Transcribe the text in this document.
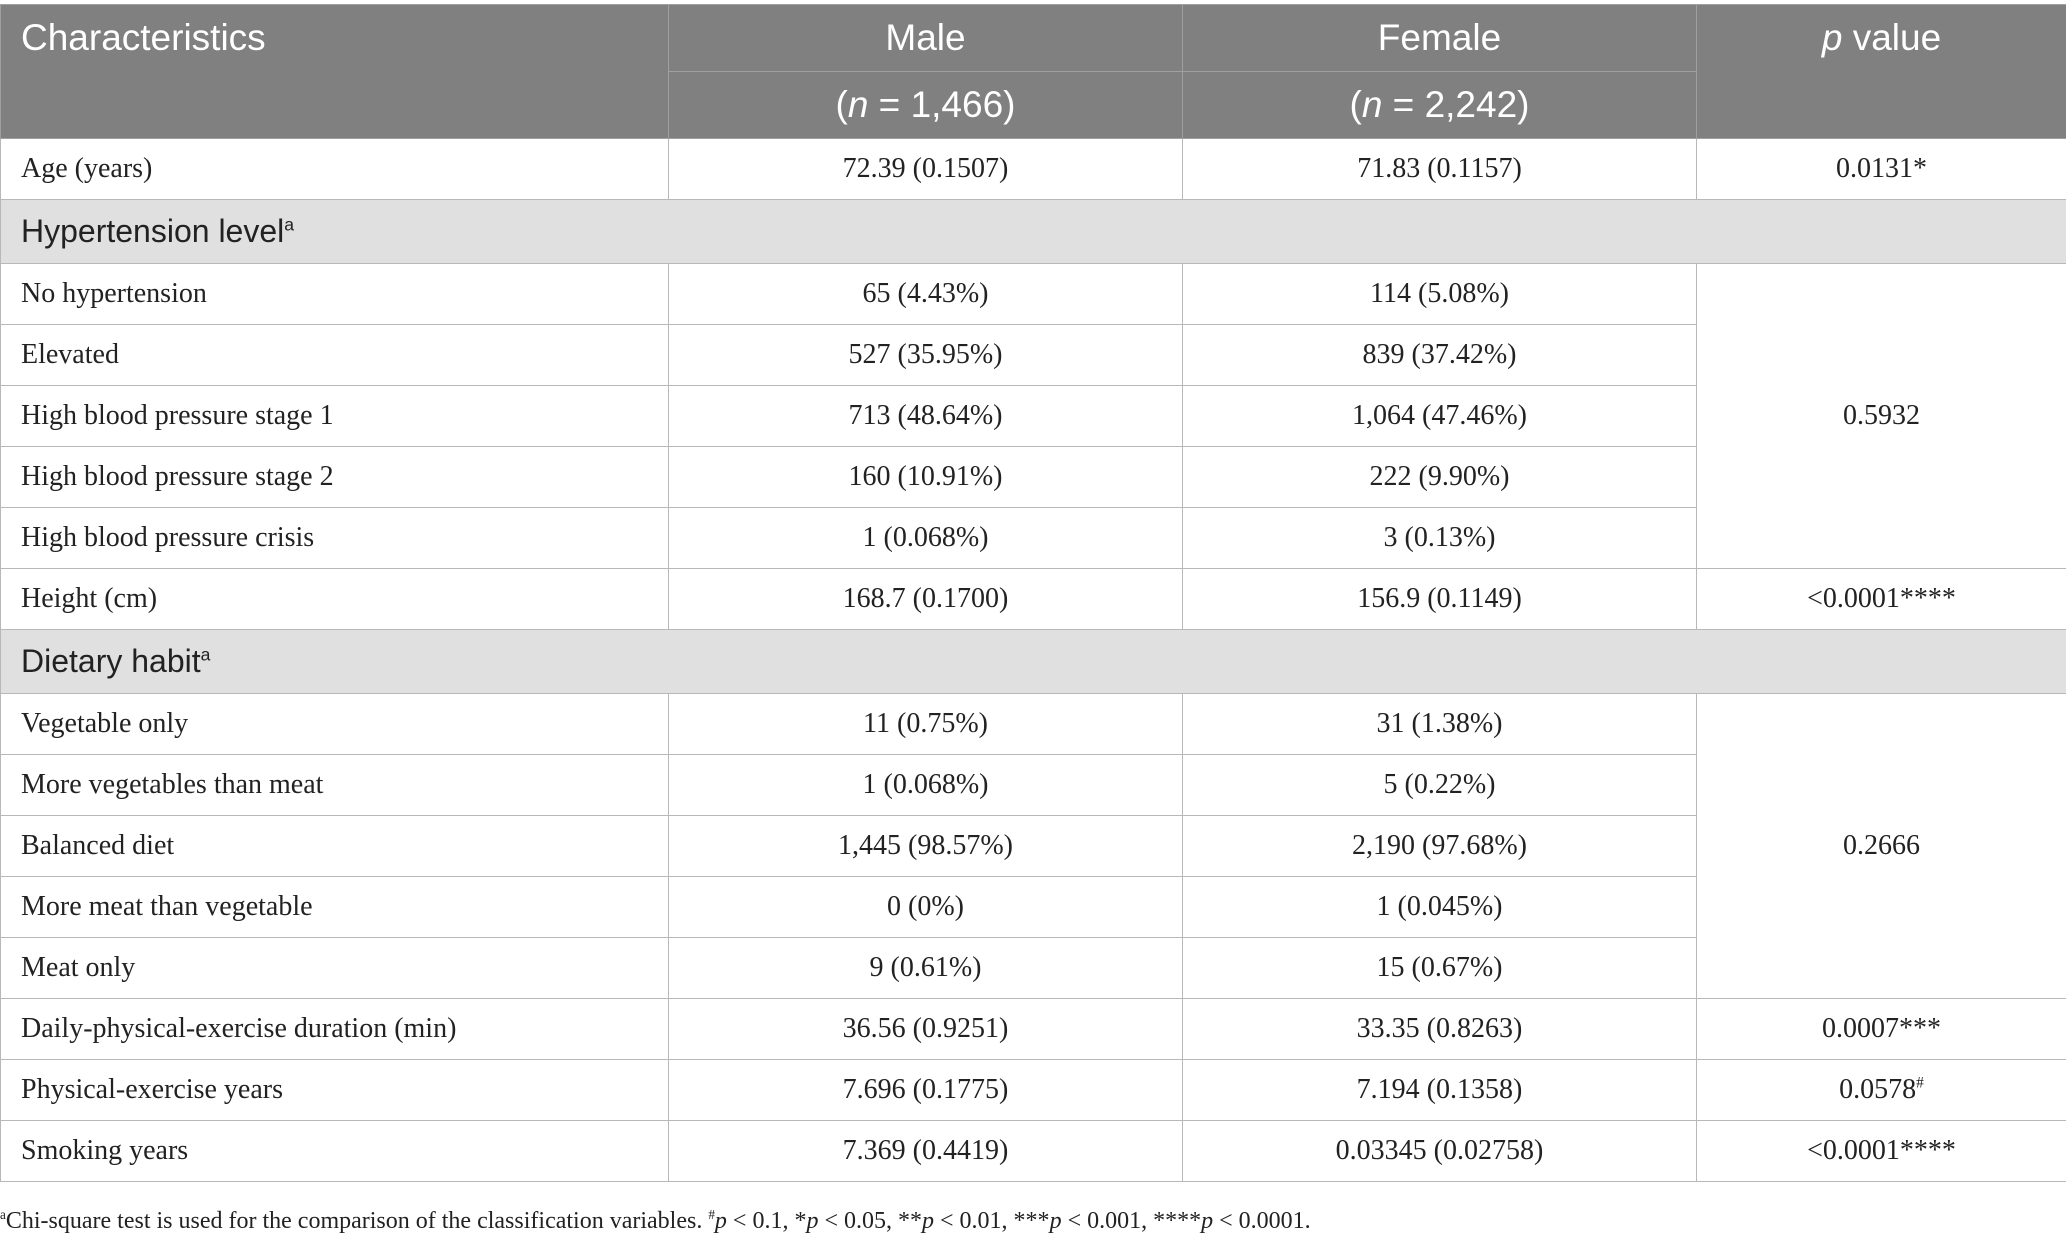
Characteristics	Male	Female	p value
	(n = 1,466)	(n = 2,242)	
Age (years)	72.39 (0.1507)	71.83 (0.1157)	0.0131*
Hypertension level$^a$
No hypertension	65 (4.43%)	114 (5.08%)	0.5932
Elevated	527 (35.95%)	839 (37.42%)	
High blood pressure stage 1	713 (48.64%)	1,064 (47.46%)	
High blood pressure stage 2	160 (10.91%)	222 (9.90%)	
High blood pressure crisis	1 (0.068%)	3 (0.13%)	
Height (cm)	168.7 (0.1700)	156.9 (0.1149)	<0.0001****
Dietary habit$^a$
Vegetable only	11 (0.75%)	31 (1.38%)	0.2666
More vegetables than meat	1 (0.068%)	5 (0.22%)	
Balanced diet	1,445 (98.57%)	2,190 (97.68%)	
More meat than vegetable	0 (0%)	1 (0.045%)	
Meat only	9 (0.61%)	15 (0.67%)	
Daily-physical-exercise duration (min)	36.56 (0.9251)	33.35 (0.8263)	0.0007***
Physical-exercise years	7.696 (0.1775)	7.194 (0.1358)	0.0578#
Smoking years	7.369 (0.4419)	0.03345 (0.02758)	<0.0001****
$^a$Chi-square test is used for the comparison of the classification variables. #p < 0.1, *p < 0.05, **p < 0.01, ***p < 0.001, ****p < 0.0001.
